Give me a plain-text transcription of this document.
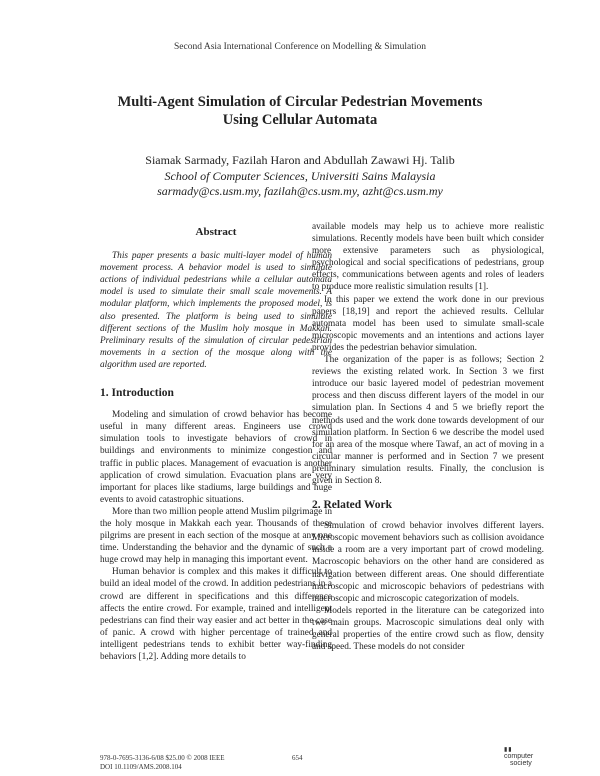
Second Asia International Conference on Modelling & Simulation
Multi-Agent Simulation of Circular Pedestrian Movements
Using Cellular Automata
Siamak Sarmady, Fazilah Haron and Abdullah Zawawi Hj. Talib
School of Computer Sciences, Universiti Sains Malaysia
sarmady@cs.usm.my, fazilah@cs.usm.my, azht@cs.usm.my
Abstract

This paper presents a basic multi-layer model of human movement process. A behavior model is used to simulate actions of individual pedestrians while a cellular automata model is used to simulate their small scale movements. A modular platform, which implements the proposed model, is also presented. The platform is being used to simulate different sections of the Muslim holy mosque in Makkah. Preliminary results of the simulation of circular pedestrian movements in a section of the mosque along with the algorithm used are reported.

1. Introduction

Modeling and simulation of crowd behavior has become useful in many different areas. Engineers use crowd simulation tools to investigate behaviors of crowd in buildings and environments to minimize congestion and traffic in public places. Management of evacuation is another application of crowd simulation. Evacuation plans are very important for places like stadiums, large buildings and huge events to avoid catastrophic situations.

More than two million people attend Muslim pilgrimage in the holy mosque in Makkah each year. Thousands of these pilgrims are present in each section of the mosque at any one time. Understanding the behavior and the dynamic of such a huge crowd may help in managing this important event.

Human behavior is complex and this makes it difficult to build an ideal model of the crowd. In addition pedestrians in a crowd are different in specifications and this difference affects the entire crowd. For example, trained and intelligent pedestrians can find their way easier and act better in the case of panic. A crowd with higher percentage of trained and intelligent pedestrians tends to exhibit better way-finding behaviors [1,2]. Adding more details to

available models may help us to achieve more realistic simulations. Recently models have been built which consider more extensive parameters such as physiological, psychological and social specifications of pedestrians, group effects, communications between agents and roles of leaders to produce more realistic simulation results [1].

In this paper we extend the work done in our previous papers [18,19] and report the achieved results. Cellular automata model has been used to simulate small-scale microscopic movements and an intentions and actions layer provides the pedestrian behavior simulation.

The organization of the paper is as follows; Section 2 reviews the existing related work. In Section 3 we first introduce our basic layered model of pedestrian movement process and then discuss different layers of the model in our simulation plan. In Sections 4 and 5 we briefly report the methods used and the work done towards development of our simulation platform. In Section 6 we describe the model used for an area of the mosque where Tawaf, an act of moving in a circular manner is performed and in Section 7 we present preliminary simulation results. Finally, the conclusion is given in Section 8.

2. Related Work

Simulation of crowd behavior involves different layers. Microscopic movement behaviors such as collision avoidance inside a room are a very important part of crowd modeling. Macroscopic behaviors on the other hand are considered as navigation between different areas. One should differentiate macroscopic and microscopic behaviors of pedestrians with macroscopic and microscopic categorization of models.

Models reported in the literature can be categorized into two main groups. Macroscopic simulations deal only with general properties of the entire crowd such as flow, density and speed. These models do not consider

978-0-7695-3136-6/08 $25.00 © 2008 IEEE
DOI 10.1109/AMS.2008.104
654
▮▮
computer
society
